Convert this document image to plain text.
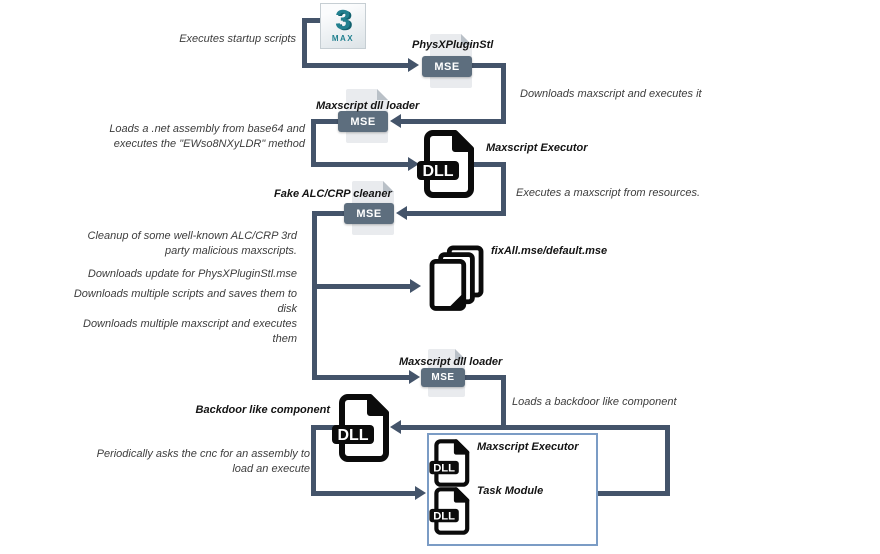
3
MAX
MSE
MSE
MSE
MSE
DLL
DLL
DLL
DLL
PhysXPluginStl
Maxscript dll loader
Maxscript Executor
Fake ALC/CRP cleaner
fixAll.mse/default.mse
Maxscript dll loader
Backdoor like component
Maxscript Executor
Task Module
Executes startup scripts
Downloads maxscript and executes it
Loads a .net assembly from base64 and executes the "EWso8NXyLDR" method
Executes a maxscript from resources.
Cleanup of some well-known ALC/CRP 3rd party malicious maxscripts.
Downloads update for PhysXPluginStl.mse
Downloads multiple scripts and saves them to disk
Downloads multiple maxscript and executes them
Loads a backdoor like component
Periodically asks the cnc for an assembly to load an execute
